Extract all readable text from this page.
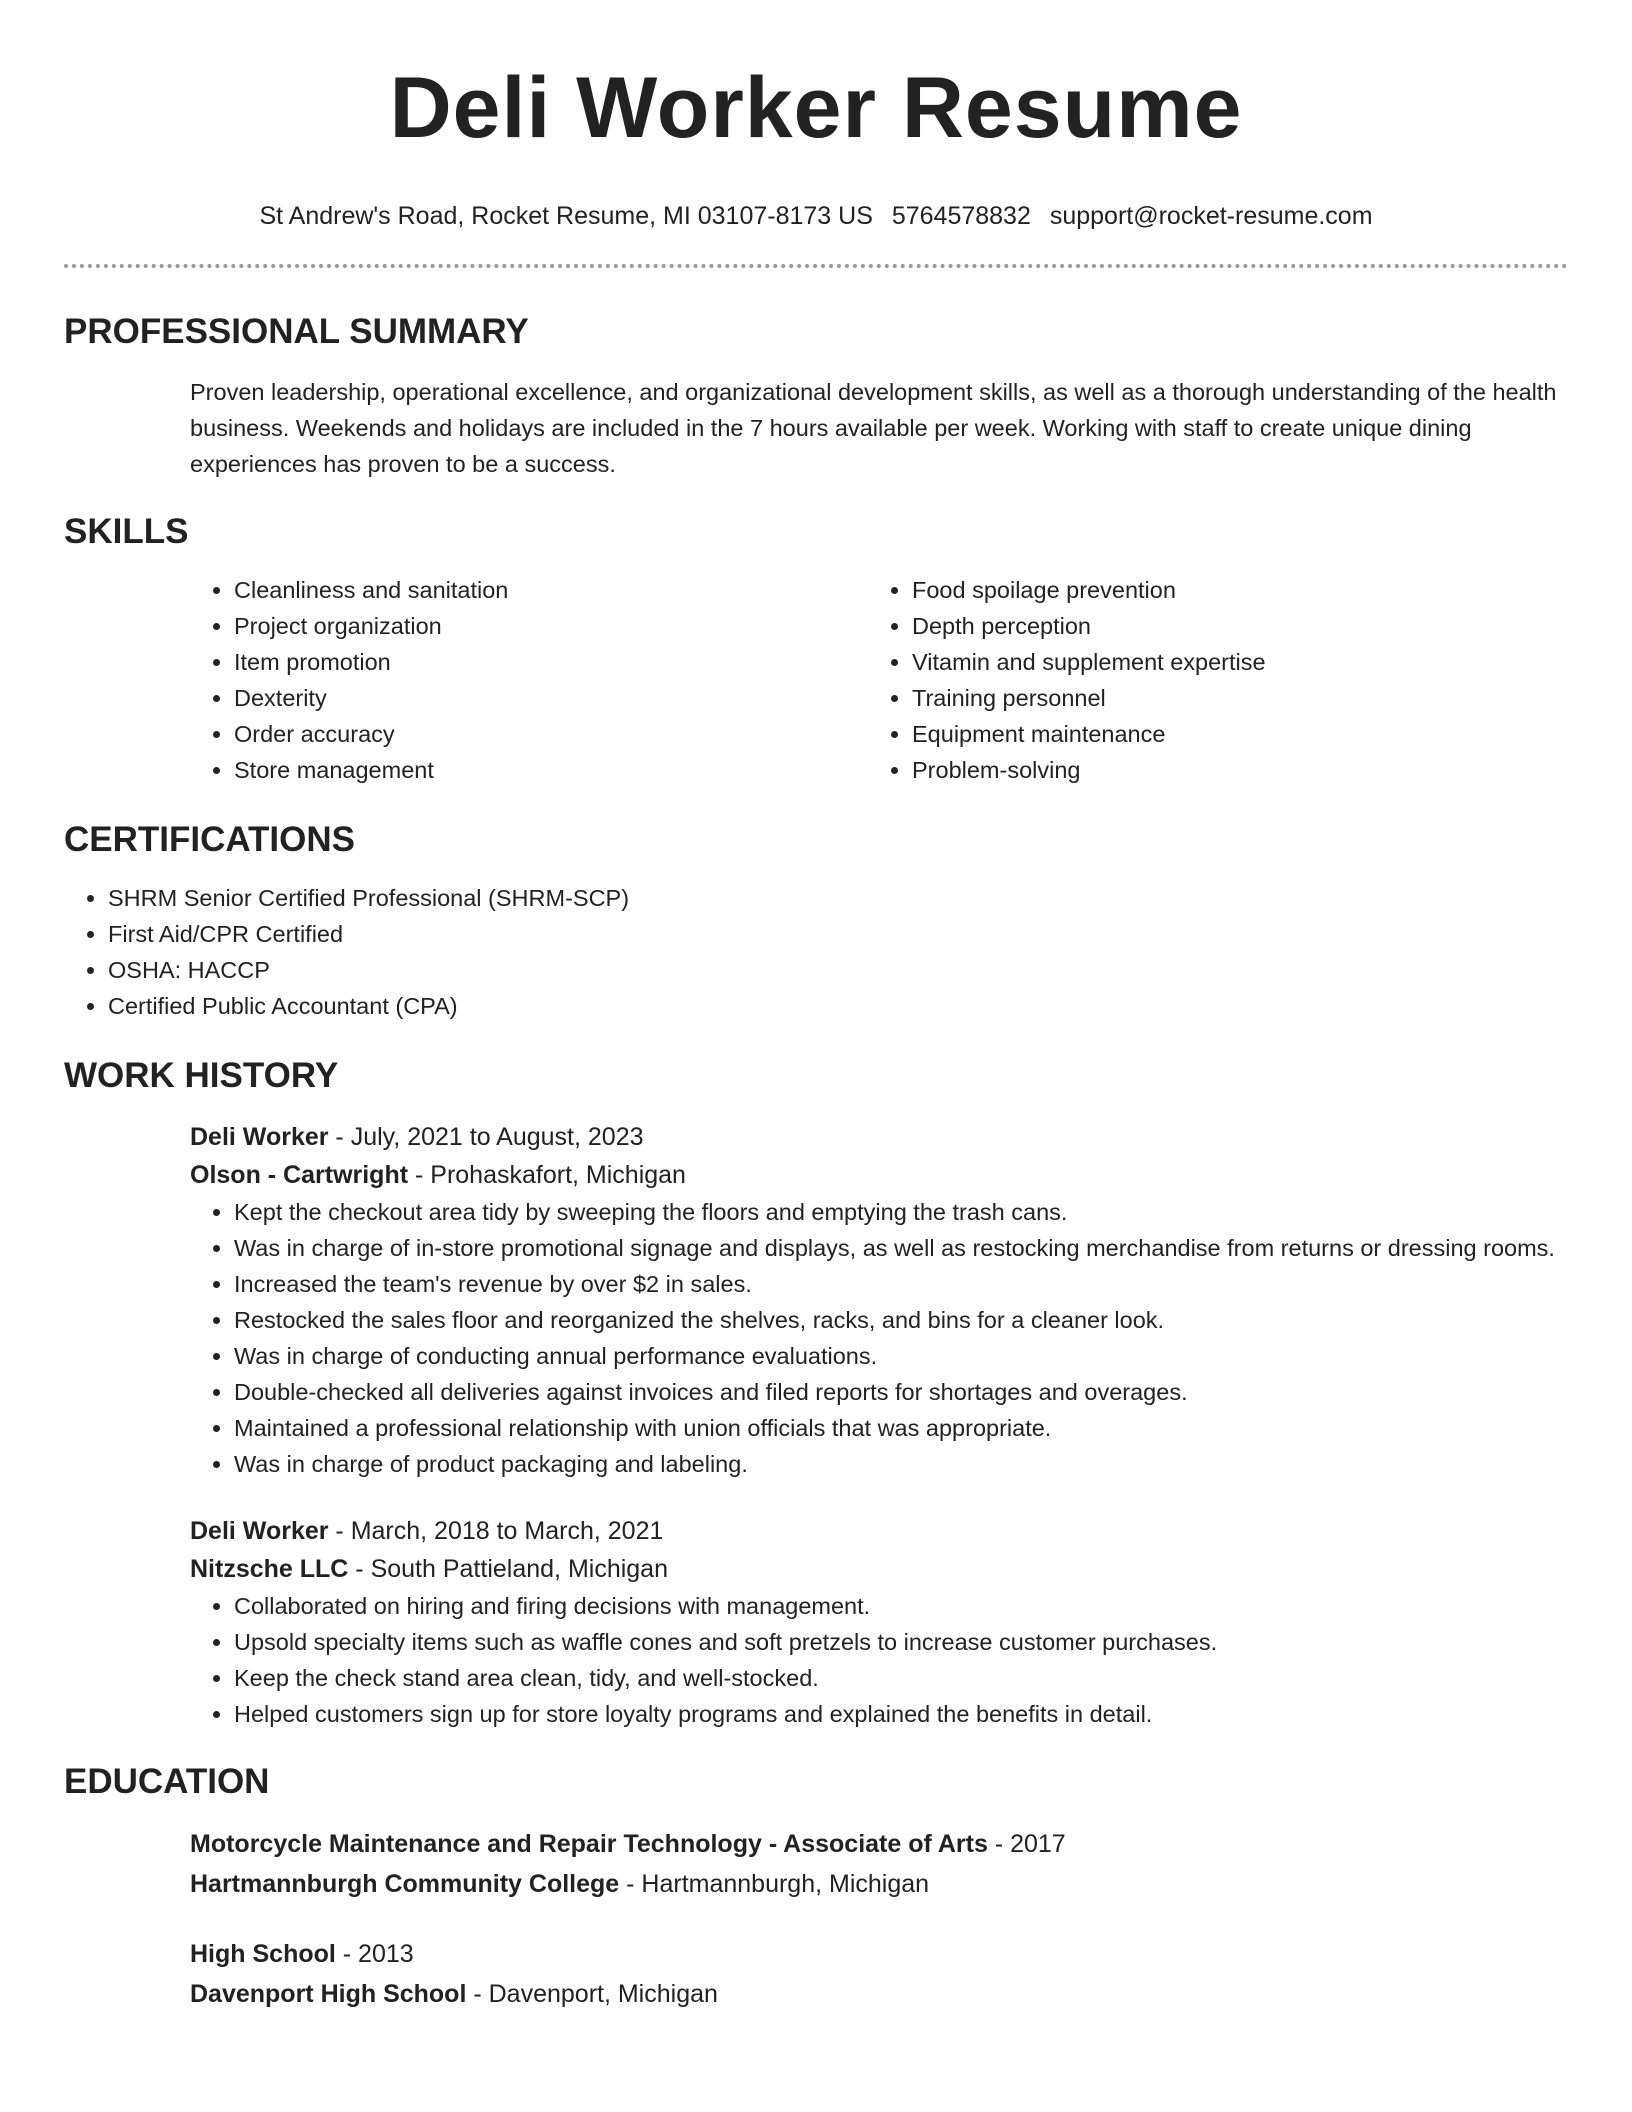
Deli Worker Resume
St Andrew's Road, Rocket Resume, MI 03107-8173 US 5764578832 support@rocket-resume.com
PROFESSIONAL SUMMARY

Proven leadership, operational excellence, and organizational development skills, as well as a thorough understanding of the health business. Weekends and holidays are included in the 7 hours available per week. Working with staff to create unique dining experiences has proven to be a success.

SKILLS
• Cleanliness and sanitation
• Project organization
• Item promotion
• Dexterity
• Order accuracy
• Store management
• Food spoilage prevention
• Depth perception
• Vitamin and supplement expertise
• Training personnel
• Equipment maintenance
• Problem-solving
CERTIFICATIONS
• SHRM Senior Certified Professional (SHRM-SCP)
• First Aid/CPR Certified
• OSHA: HACCP
• Certified Public Accountant (CPA)
WORK HISTORY
Deli Worker - July, 2021 to August, 2023
Olson - Cartwright - Prohaskafort, Michigan
• Kept the checkout area tidy by sweeping the floors and emptying the trash cans.
• Was in charge of in-store promotional signage and displays, as well as restocking merchandise from returns or dressing rooms.
• Increased the team's revenue by over $2 in sales.
• Restocked the sales floor and reorganized the shelves, racks, and bins for a cleaner look.
• Was in charge of conducting annual performance evaluations.
• Double-checked all deliveries against invoices and filed reports for shortages and overages.
• Maintained a professional relationship with union officials that was appropriate.
• Was in charge of product packaging and labeling.
Deli Worker - March, 2018 to March, 2021
Nitzsche LLC - South Pattieland, Michigan
• Collaborated on hiring and firing decisions with management.
• Upsold specialty items such as waffle cones and soft pretzels to increase customer purchases.
• Keep the check stand area clean, tidy, and well-stocked.
• Helped customers sign up for store loyalty programs and explained the benefits in detail.
EDUCATION
Motorcycle Maintenance and Repair Technology - Associate of Arts - 2017
Hartmannburgh Community College - Hartmannburgh, Michigan
High School - 2013
Davenport High School - Davenport, Michigan
